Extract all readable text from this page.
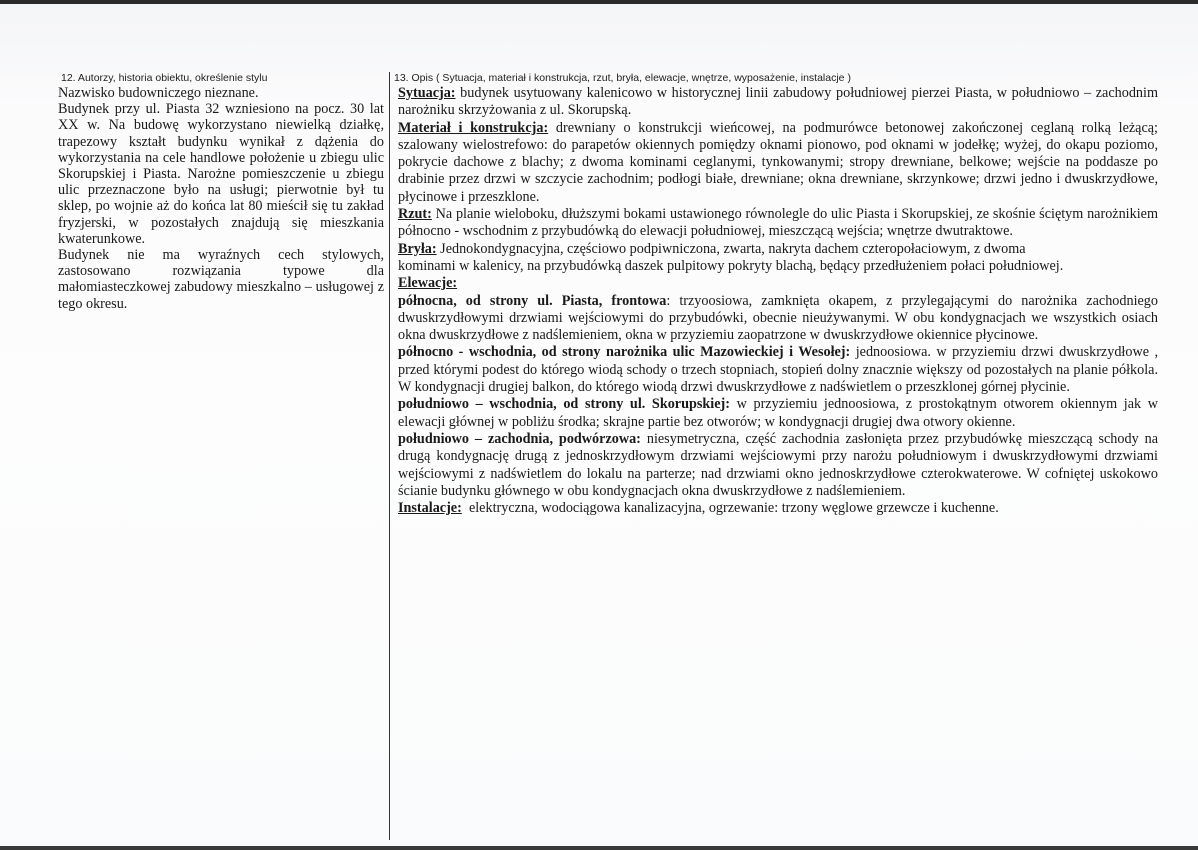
12. Autorzy, historia obiektu, określenie stylu

Nazwisko budowniczego nieznane.

Budynek przy ul. Piasta 32 wzniesiono na pocz. 30 lat XX w. Na budowę wykorzystano niewielką działkę, trapezowy kształt budynku wynikał z dążenia do wykorzystania na cele handlowe położenie u zbiegu ulic Skorupskiej i Piasta. Narożne pomieszczenie u zbiegu ulic przeznaczone było na usługi; pierwotnie był tu sklep, po wojnie aż do końca lat 80 mieścił się tu zakład fryzjerski, w pozostałych znajdują się mieszkania kwaterunkowe.

Budynek nie ma wyraźnych cech stylowych, zastosowano rozwiązania typowe dla małomiasteczkowej zabudowy mieszkalno – usługowej z tego okresu.

13. Opis ( Sytuacja, materiał i konstrukcja, rzut, bryła, elewacje, wnętrze, wyposażenie, instalacje )

Sytuacja: budynek usytuowany kalenicowo w historycznej linii zabudowy południowej pierzei Piasta, w południowo – zachodnim narożniku skrzyżowania z ul. Skorupską.

Materiał i konstrukcja: drewniany o konstrukcji wieńcowej, na podmurówce betonowej zakończonej ceglaną rolką leżącą; szalowany wielostrefowo: do parapetów okiennych pomiędzy oknami pionowo, pod oknami w jodełkę; wyżej, do okapu poziomo, pokrycie dachowe z blachy; z dwoma kominami ceglanymi, tynkowanymi; stropy drewniane, belkowe; wejście na poddasze po drabinie przez drzwi w szczycie zachodnim; podłogi białe, drewniane; okna drewniane, skrzynkowe; drzwi jedno i dwuskrzydłowe, płycinowe i przeszklone.

Rzut: Na planie wieloboku, dłuższymi bokami ustawionego równolegle do ulic Piasta i Skorupskiej, ze skośnie ściętym narożnikiem północno - wschodnim z przybudówką do elewacji południowej, mieszczącą wejścia; wnętrze dwutraktowe.

Bryła: Jednokondygnacyjna, częściowo podpiwniczona, zwarta, nakryta dachem czteropołaciowym, z dwoma
kominami w kalenicy, na przybudówką daszek pulpitowy pokryty blachą, będący przedłużeniem połaci południowej.

Elewacje:

północna, od strony ul. Piasta, frontowa: trzyoosiowa, zamknięta okapem, z przylegającymi do narożnika zachodniego dwuskrzydłowymi drzwiami wejściowymi do przybudówki, obecnie nieużywanymi. W obu kondygnacjach we wszystkich osiach okna dwuskrzydłowe z nadślemieniem, okna w przyziemiu zaopatrzone w dwuskrzydłowe okiennice płycinowe.

północno - wschodnia, od strony narożnika ulic Mazowieckiej i Wesołej: jednoosiowa. w przyziemiu drzwi dwuskrzydłowe , przed którymi podest do którego wiodą schody o trzech stopniach, stopień dolny znacznie większy od pozostałych na planie półkola. W kondygnacji drugiej balkon, do którego wiodą drzwi dwuskrzydłowe z nadświetlem o przeszklonej górnej płycinie.

południowo – wschodnia, od strony ul. Skorupskiej: w przyziemiu jednoosiowa, z prostokątnym otworem okiennym jak w elewacji głównej w pobliżu środka; skrajne partie bez otworów; w kondygnacji drugiej dwa otwory okienne.

południowo – zachodnia, podwórzowa: niesymetryczna, część zachodnia zasłonięta przez przybudówkę mieszczącą schody na drugą kondygnację drugą z jednoskrzydłowym drzwiami wejściowymi przy narożu południowym i dwuskrzydłowymi drzwiami wejściowymi z nadświetlem do lokalu na parterze; nad drzwiami okno jednoskrzydłowe czterokwaterowe. W cofniętej uskokowo ścianie budynku głównego w obu kondygnacjach okna dwuskrzydłowe z nadślemieniem.

Instalacje:  elektryczna, wodociągowa kanalizacyjna, ogrzewanie: trzony węglowe grzewcze i kuchenne.
